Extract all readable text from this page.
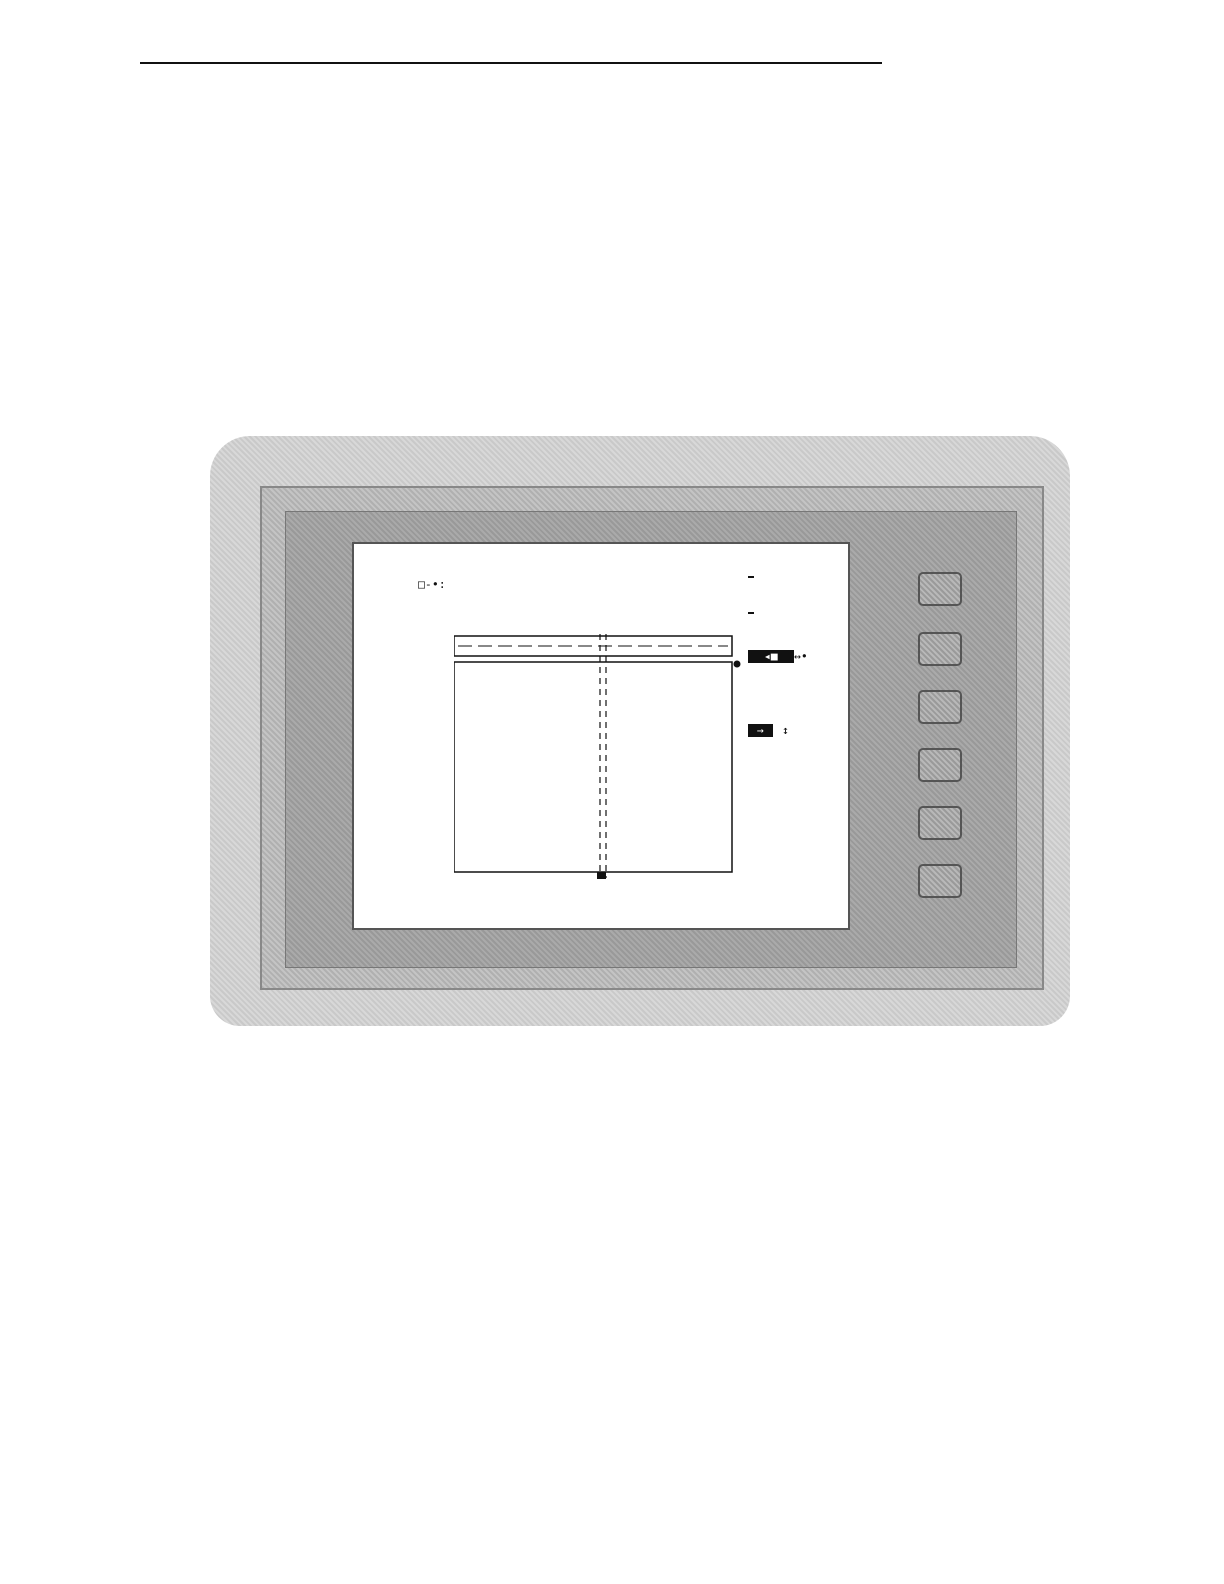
□-•:
◂■ ↔•
→ ↕
